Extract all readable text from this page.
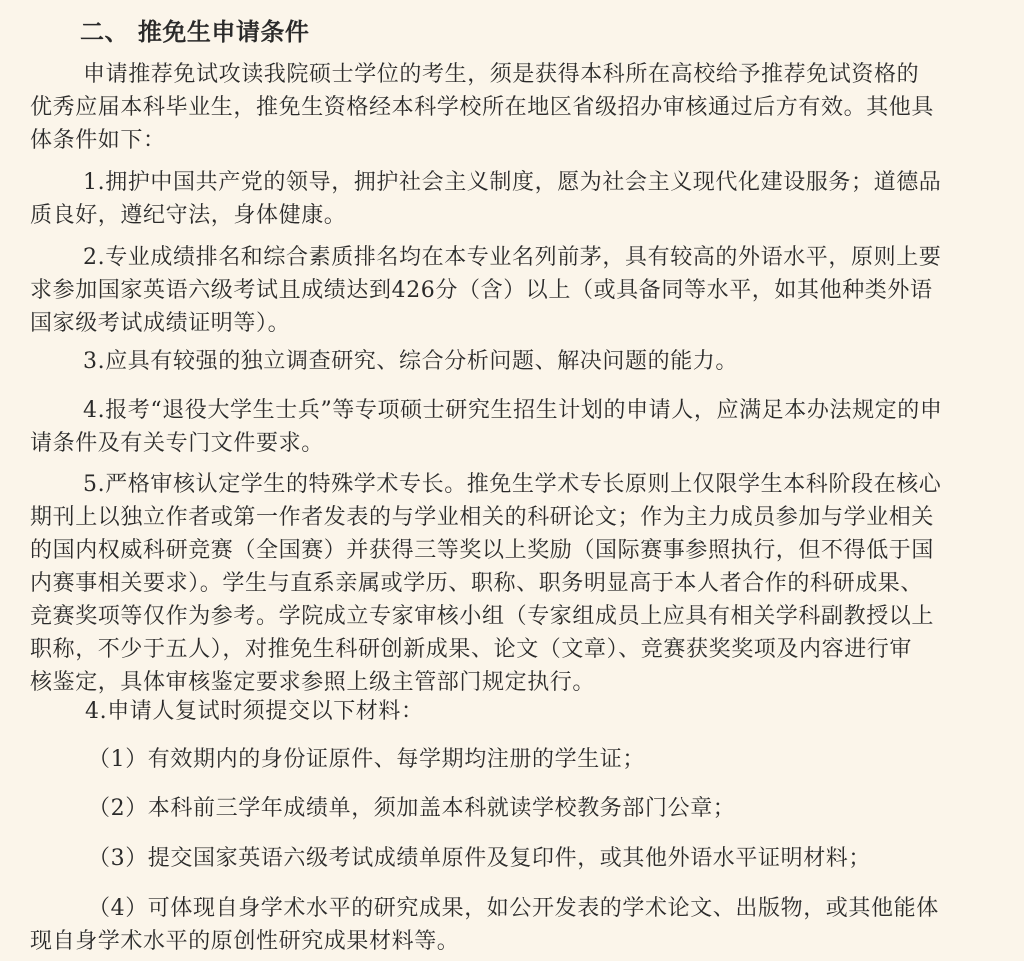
二、 推免生申请条件
申请推荐免试攻读我院硕士学位的考生，须是获得本科所在高校给予推荐免试资格的
优秀应届本科毕业生，推免生资格经本科学校所在地区省级招办审核通过后方有效。其他具
体条件如下：
1.拥护中国共产党的领导，拥护社会主义制度，愿为社会主义现代化建设服务；道德品
质良好，遵纪守法，身体健康。
2.专业成绩排名和综合素质排名均在本专业名列前茅，具有较高的外语水平，原则上要
求参加国家英语六级考试且成绩达到426分（含）以上（或具备同等水平，如其他种类外语
国家级考试成绩证明等）。
3.应具有较强的独立调查研究、综合分析问题、解决问题的能力。
4.报考“退役大学生士兵”等专项硕士研究生招生计划的申请人，应满足本办法规定的申
请条件及有关专门文件要求。
5.严格审核认定学生的特殊学术专长。推免生学术专长原则上仅限学生本科阶段在核心
期刊上以独立作者或第一作者发表的与学业相关的科研论文；作为主力成员参加与学业相关
的国内权威科研竞赛（全国赛）并获得三等奖以上奖励（国际赛事参照执行，但不得低于国
内赛事相关要求）。学生与直系亲属或学历、职称、职务明显高于本人者合作的科研成果、
竞赛奖项等仅作为参考。学院成立专家审核小组（专家组成员上应具有相关学科副教授以上
职称，不少于五人），对推免生科研创新成果、论文（文章）、竞赛获奖奖项及内容进行审
核鉴定，具体审核鉴定要求参照上级主管部门规定执行。
4.申请人复试时须提交以下材料：
（1）有效期内的身份证原件、每学期均注册的学生证；
（2）本科前三学年成绩单，须加盖本科就读学校教务部门公章；
（3）提交国家英语六级考试成绩单原件及复印件，或其他外语水平证明材料；
（4）可体现自身学术水平的研究成果，如公开发表的学术论文、出版物，或其他能体
现自身学术水平的原创性研究成果材料等。
